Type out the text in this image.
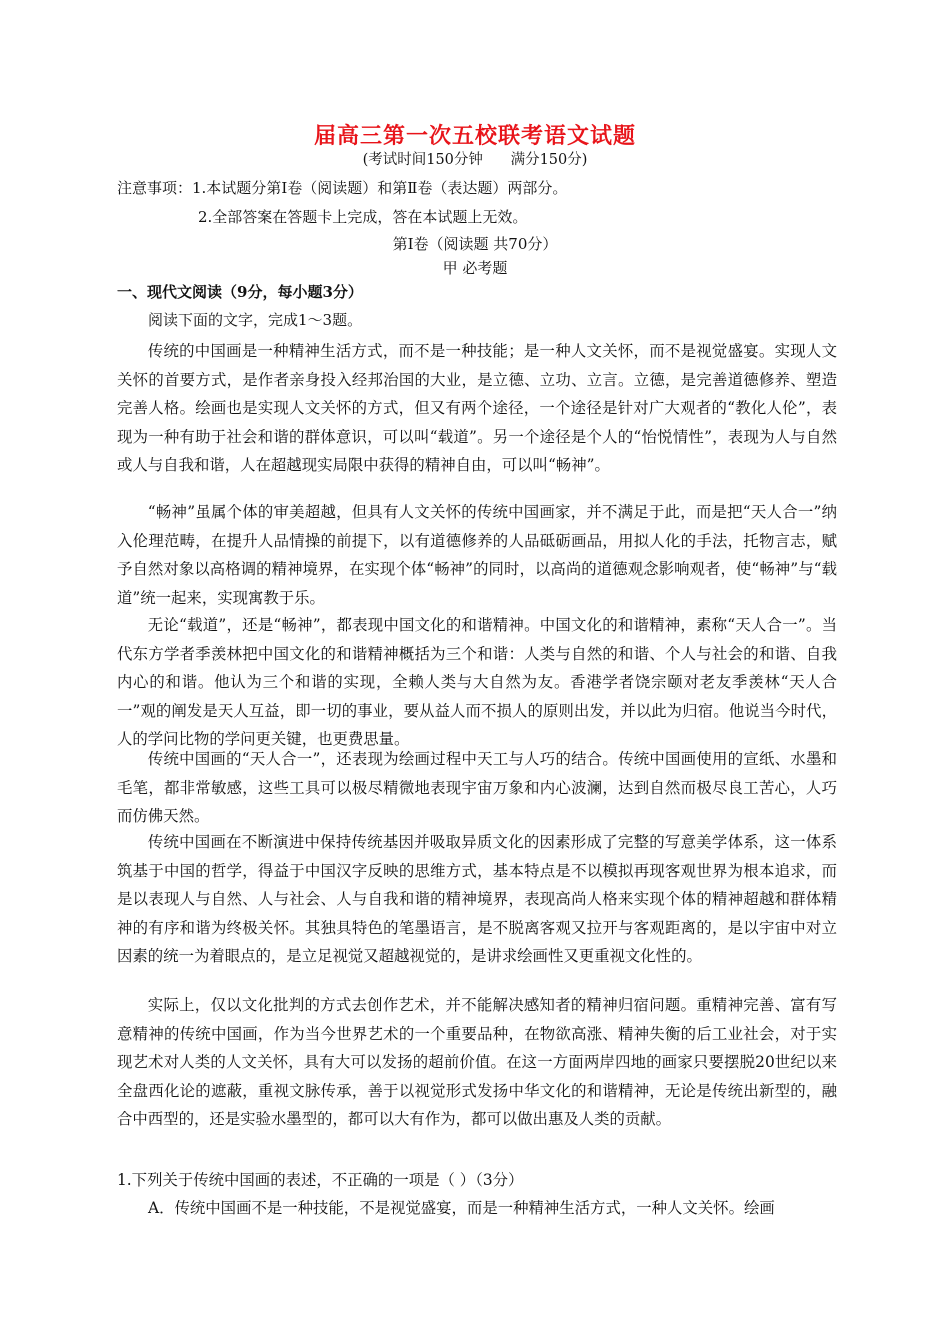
届高三第一次五校联考语文试题
(考试时间150分钟      满分150分)
注意事项：1.本试题分第Ⅰ卷（阅读题）和第Ⅱ卷（表达题）两部分。
2.全部答案在答题卡上完成，答在本试题上无效。
第Ⅰ卷（阅读题 共70分）
甲 必考题
一、现代文阅读（9分，每小题3分）
阅读下面的文字，完成1～3题。
传统的中国画是一种精神生活方式，而不是一种技能；是一种人文关怀，而不是视觉盛宴。实现人文关怀的首要方式，是作者亲身投入经邦治国的大业，是立德、立功、立言。立德，是完善道德修养、塑造完善人格。绘画也是实现人文关怀的方式，但又有两个途径，一个途径是针对广大观者的“教化人伦”，表现为一种有助于社会和谐的群体意识，可以叫“载道”。另一个途径是个人的“怡悦情性”，表现为人与自然或人与自我和谐，人在超越现实局限中获得的精神自由，可以叫“畅神”。
“畅神”虽属个体的审美超越，但具有人文关怀的传统中国画家，并不满足于此，而是把“天人合一”纳入伦理范畴，在提升人品情操的前提下，以有道德修养的人品砥砺画品，用拟人化的手法，托物言志，赋予自然对象以高格调的精神境界，在实现个体“畅神”的同时，以高尚的道德观念影响观者，使“畅神”与“载道”统一起来，实现寓教于乐。
无论“载道”，还是“畅神”，都表现中国文化的和谐精神。中国文化的和谐精神，素称“天人合一”。当代东方学者季羡林把中国文化的和谐精神概括为三个和谐：人类与自然的和谐、个人与社会的和谐、自我内心的和谐。他认为三个和谐的实现，全赖人类与大自然为友。香港学者饶宗颐对老友季羡林“天人合一”观的阐发是天人互益，即一切的事业，要从益人而不损人的原则出发，并以此为归宿。他说当今时代，人的学问比物的学问更关键，也更费思量。
传统中国画的“天人合一”，还表现为绘画过程中天工与人巧的结合。传统中国画使用的宣纸、水墨和毛笔，都非常敏感，这些工具可以极尽精微地表现宇宙万象和内心波澜，达到自然而极尽良工苦心，人巧而仿佛天然。
传统中国画在不断演进中保持传统基因并吸取异质文化的因素形成了完整的写意美学体系，这一体系筑基于中国的哲学，得益于中国汉字反映的思维方式，基本特点是不以模拟再现客观世界为根本追求，而是以表现人与自然、人与社会、人与自我和谐的精神境界，表现高尚人格来实现个体的精神超越和群体精神的有序和谐为终极关怀。其独具特色的笔墨语言，是不脱离客观又拉开与客观距离的，是以宇宙中对立因素的统一为着眼点的，是立足视觉又超越视觉的，是讲求绘画性又更重视文化性的。
实际上，仅以文化批判的方式去创作艺术，并不能解决感知者的精神归宿问题。重精神完善、富有写意精神的传统中国画，作为当今世界艺术的一个重要品种，在物欲高涨、精神失衡的后工业社会，对于实现艺术对人类的人文关怀，具有大可以发扬的超前价值。在这一方面两岸四地的画家只要摆脱20世纪以来全盘西化论的遮蔽，重视文脉传承，善于以视觉形式发扬中华文化的和谐精神，无论是传统出新型的，融合中西型的，还是实验水墨型的，都可以大有作为，都可以做出惠及人类的贡献。
1.下列关于传统中国画的表述，不正确的一项是（ ）（3分）
A．传统中国画不是一种技能，不是视觉盛宴，而是一种精神生活方式，一种人文关怀。绘画
